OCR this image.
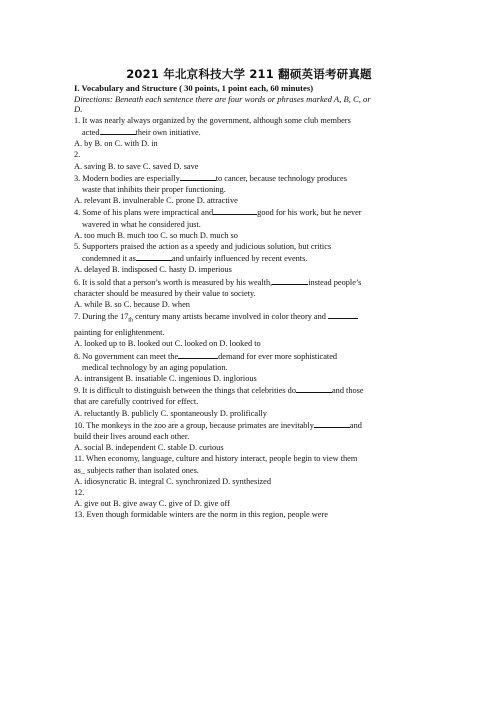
2021 年北京科技大学 211 翻硕英语考研真题
I. Vocabulary and Structure ( 30 points, 1 point each, 60 minutes)
Directions: Beneath each sentence there are four words or phrases marked A, B, C, or
D.
1. It was nearly always organized by the government, although some club members
acted	their own initiative.
A. by B. on C. with D. in
2.
A. saving B. to save C. saved D. save
3. Modern bodies are especially	to cancer, because technology produces
waste that inhibits their proper functioning.
A. relevant B. invulnerable C. prone D. attractive
4. Some of his plans were impractical and	good for his work, but he never
wavered in what he considered just.
A. too much B. much too C. so much D. much so
5. Supporters praised the action as a speedy and judicious solution, but critics
condemned it as	and unfairly influenced by recent events.
A. delayed B. indisposed C. hasty D. imperious
6. It is sold that a person’s worth is measured by his wealth,	instead people’s
character should be measured by their value to society.
A. while B. so C. because D. when
7. During the $17_{th}$ century many artists became involved in color theory and
painting for enlightenment.
A. looked up to B. looked out C. looked on D. looked to
8. No government can meet the	demand for ever more sophisticated
medical technology by an aging population.
A. intransigent B. insatiable C. ingenious D. inglorious
9. It is difficult to distinguish between the things that celebrities do	and those
that are carefully contrived for effect.
A. reluctantly B. publicly C. spontaneously D. prolifically
10. The monkeys in the zoo are a group, because primates are inevitably	and
build their lives around each other.
A. social B. independent C. stable D. curious
11. When economy, language, culture and history interact, people begin to view them
as_ subjects rather than isolated ones.
A. idiosyncratic B. integral C. synchronized D. synthesized
12.
A. give out B. give away C. give of D. give off
13. Even though formidable winters are the norm in this region, people were
